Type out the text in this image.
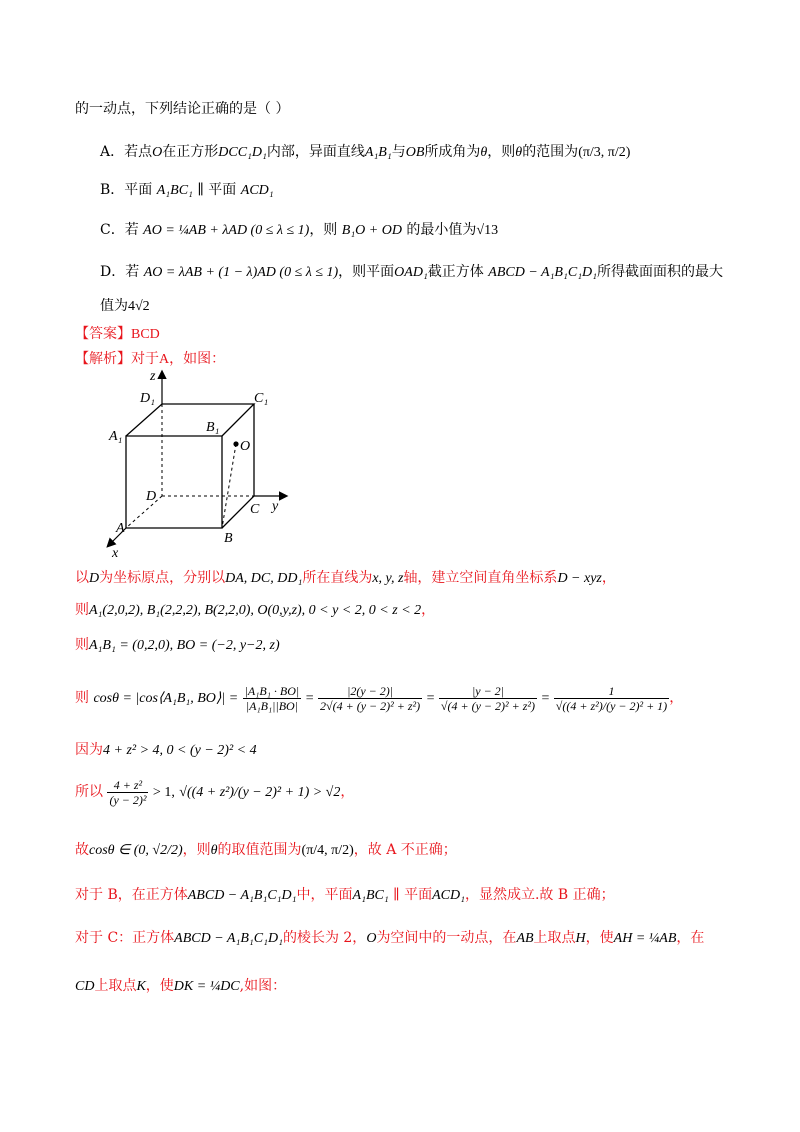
的一动点，下列结论正确的是（ ）
A．若点O在正方形DCC₁D₁内部，异面直线A₁B₁与OB所成角为θ，则θ的范围为(π/3, π/2)
B．平面 A₁BC₁ ∥ 平面 ACD₁
C．若 AO = ¼AB + λAD (0 ≤ λ ≤ 1)，则 B₁O + OD 的最小值为√13
D．若 AO = λAB + (1 − λ)AD (0 ≤ λ ≤ 1)，则平面OAD₁截正方体 ABCD − A₁B₁C₁D₁所得截面面积的最大
值为4√2
【答案】BCD
【解析】对于A，如图：
z
y
x
D₁	C₁
A₁
B₁
O
D
C
A
B
以D为坐标原点，分别以DA, DC, DD₁所在直线为x, y, z轴，建立空间直角坐标系D − xyz，
则A₁(2,0,2), B₁(2,2,2), B(2,2,0), O(0,y,z), 0 < y < 2, 0 < z < 2，
则A₁B₁ = (0,2,0), BO = (−2, y−2, z)
则 cosθ = |cos⟨A₁B₁, BO⟩| = $\frac{\text{|A₁B₁ · BO|}}{\text{|A₁B₁||BO|}} = \frac{|2(y - 2)|}{\text{2√(4 + (y − 2)² + z²)}} = \frac{|y - 2|}{\text{√(4 + (y − 2)² + z²)}} = \frac{1}{\text{√((4 + z²)/(y − 2)² + 1)}}$ ，
因为4 + z² > 4, 0 < (y − 2)² < 4
所以 $\frac{\text{4 + z²}}{\text{(y − 2)²}} > 1$, √((4 + z²)/(y − 2)² + 1) > √2，
故cosθ ∈ (0, √2/2)，则θ的取值范围为(π/4, π/2)，故 A 不正确；
对于 B，在正方体ABCD − A₁B₁C₁D₁中，平面A₁BC₁ ∥ 平面ACD₁，显然成立.故 B 正确；
对于 C：正方体ABCD − A₁B₁C₁D₁的棱长为 2，O为空间中的一动点，在AB上取点H，使AH = ¼AB，在
CD上取点K，使DK = ¼DC,如图：
